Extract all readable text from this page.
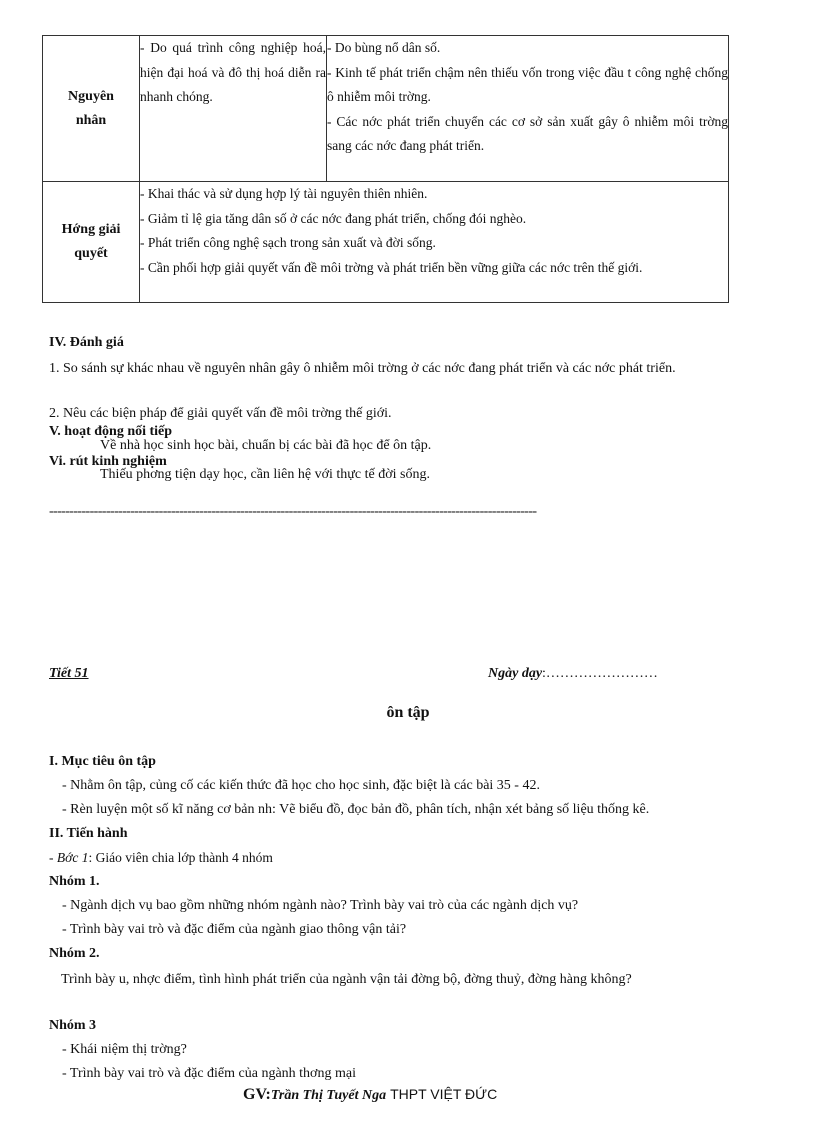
Nguyên nhân	- Do quá trình công nghiệp hoá, hiện đại hoá và đô thị hoá diễn ra nhanh chóng.	- Do bùng nổ dân số.
- Kinh tế phát triển chậm nên thiếu vốn trong việc đầu t công nghệ chống ô nhiễm môi trờng.
- Các nớc phát triển chuyển các cơ sở sản xuất gây ô nhiễm môi trờng sang các nớc đang phát triển.

Hớng giải quyết	- Khai thác và sử dụng hợp lý tài nguyên thiên nhiên.
- Giảm tỉ lệ gia tăng dân số ở các nớc đang phát triển, chống đói nghèo.
- Phát triển công nghệ sạch trong sản xuất và đời sống.
- Cần phối hợp giải quyết vấn đề môi trờng và phát triển bền vững giữa các nớc trên thế giới.	
IV. Đánh giá
1. So sánh sự khác nhau về nguyên nhân gây ô nhiễm môi trờng ở các nớc đang phát triển và các nớc phát triển.
2. Nêu các biện pháp để giải quyết vấn đề môi trờng thế giới.
V. hoạt động nối tiếp
Về nhà học sinh học bài, chuẩn bị các bài đã học để ôn tập.
Vi. rút kinh nghiệm
Thiếu phơng tiện dạy học, cần liên hệ với thực tế đời sống.
------------------------------------------------------------------------------------------------------------------------
Tiết 51	Ngày dạy:……………………
ôn tập
I. Mục tiêu ôn tập
- Nhằm ôn tập, củng cố các kiến thức đã học cho học sinh, đặc biệt là các bài 35 - 42.
- Rèn luyện một số kĩ năng cơ bản nh: Vẽ biểu đồ, đọc bản đồ, phân tích, nhận xét bảng số liệu thống kê.
II. Tiến hành
- Bớc 1: Giáo viên chia lớp thành 4 nhóm
Nhóm 1.
- Ngành dịch vụ bao gồm những nhóm ngành nào? Trình bày vai trò của các ngành dịch vụ?
- Trình bày vai trò và đặc điểm của ngành giao thông vận tải?
Nhóm 2.
Trình bày u, nhợc điểm, tình hình phát triển của ngành vận tải đờng bộ, đờng thuỷ, đờng hàng không?
Nhóm 3
- Khái niệm thị trờng?
- Trình bày vai trò và đặc điểm của ngành thơng mại
GV:Trần Thị Tuyết Nga THPT VIỆT ĐỨC
